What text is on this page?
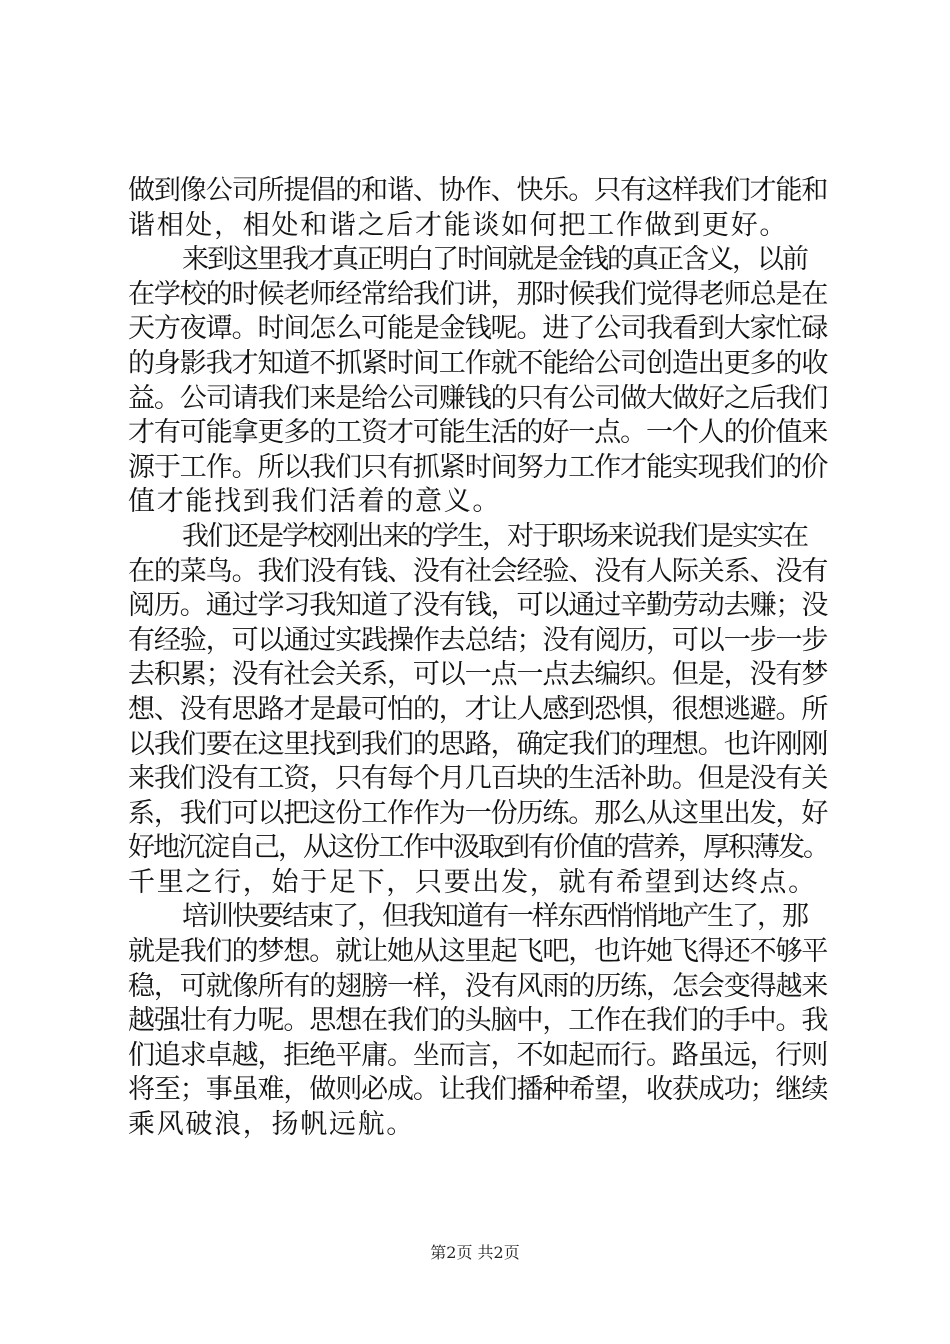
做到像公司所提倡的和谐、协作、快乐。只有这样我们才能和
谐相处，相处和谐之后才能谈如何把工作做到更好。
来到这里我才真正明白了时间就是金钱的真正含义，以前
在学校的时候老师经常给我们讲，那时候我们觉得老师总是在
天方夜谭。时间怎么可能是金钱呢。进了公司我看到大家忙碌
的身影我才知道不抓紧时间工作就不能给公司创造出更多的收
益。公司请我们来是给公司赚钱的只有公司做大做好之后我们
才有可能拿更多的工资才可能生活的好一点。一个人的价值来
源于工作。所以我们只有抓紧时间努力工作才能实现我们的价
值才能找到我们活着的意义。
我们还是学校刚出来的学生，对于职场来说我们是实实在
在的菜鸟。我们没有钱、没有社会经验、没有人际关系、没有
阅历。通过学习我知道了没有钱，可以通过辛勤劳动去赚；没
有经验，可以通过实践操作去总结；没有阅历，可以一步一步
去积累；没有社会关系，可以一点一点去编织。但是，没有梦
想、没有思路才是最可怕的，才让人感到恐惧，很想逃避。所
以我们要在这里找到我们的思路，确定我们的理想。也许刚刚
来我们没有工资，只有每个月几百块的生活补助。但是没有关
系，我们可以把这份工作作为一份历练。那么从这里出发，好
好地沉淀自己，从这份工作中汲取到有价值的营养，厚积薄发。
千里之行，始于足下，只要出发，就有希望到达终点。
培训快要结束了，但我知道有一样东西悄悄地产生了，那
就是我们的梦想。就让她从这里起飞吧，也许她飞得还不够平
稳，可就像所有的翅膀一样，没有风雨的历练，怎会变得越来
越强壮有力呢。思想在我们的头脑中，工作在我们的手中。我
们追求卓越，拒绝平庸。坐而言，不如起而行。路虽远，行则
将至；事虽难，做则必成。让我们播种希望，收获成功；继续
乘风破浪，扬帆远航。
第2页 共2页
